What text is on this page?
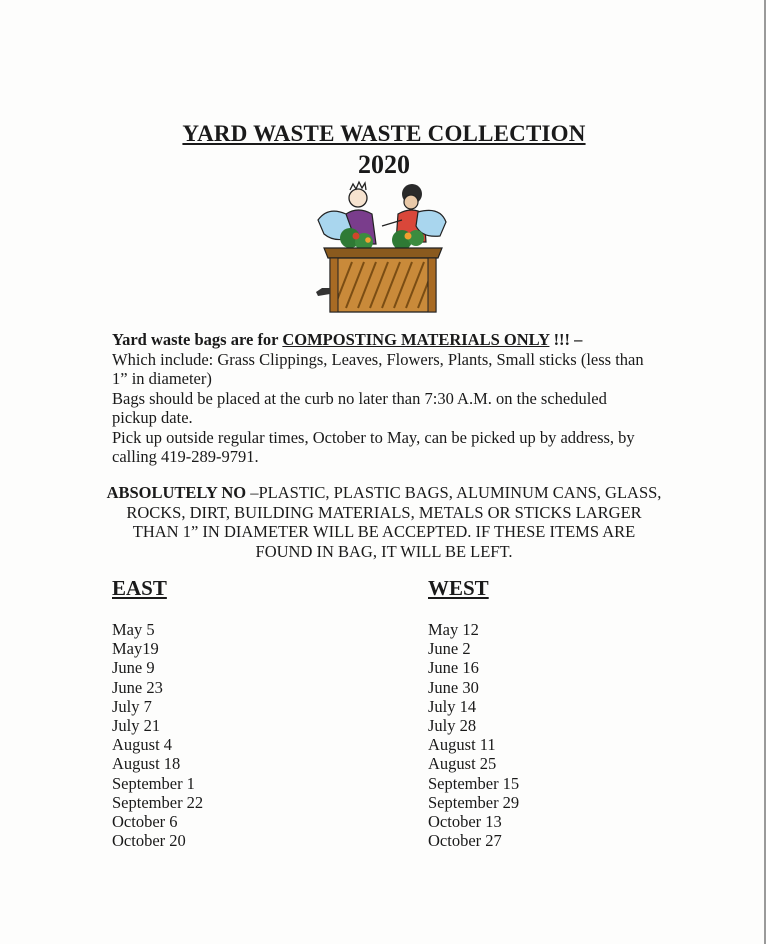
YARD WASTE WASTE COLLECTION
2020

Yard waste bags are for COMPOSTING MATERIALS ONLY !!! –

Which include: Grass Clippings, Leaves, Flowers, Plants, Small sticks (less than 1” in diameter)

Bags should be placed at the curb no later than 7:30 A.M. on the scheduled pickup date.

Pick up outside regular times, October to May, can be picked up by address, by calling 419-289-9791.

ABSOLUTELY NO –PLASTIC, PLASTIC BAGS, ALUMINUM CANS, GLASS, ROCKS, DIRT, BUILDING MATERIALS, METALS OR STICKS LARGER THAN 1” IN DIAMETER WILL BE ACCEPTED. IF THESE ITEMS ARE FOUND IN BAG, IT WILL BE LEFT.
EAST
May 5
May19
June 9
June 23
July 7
July 21
August 4
August 18
September 1
September 22
October 6
October 20
WEST
May 12
June 2
June 16
June 30
July 14
July 28
August 11
August 25
September 15
September 29
October 13
October 27
